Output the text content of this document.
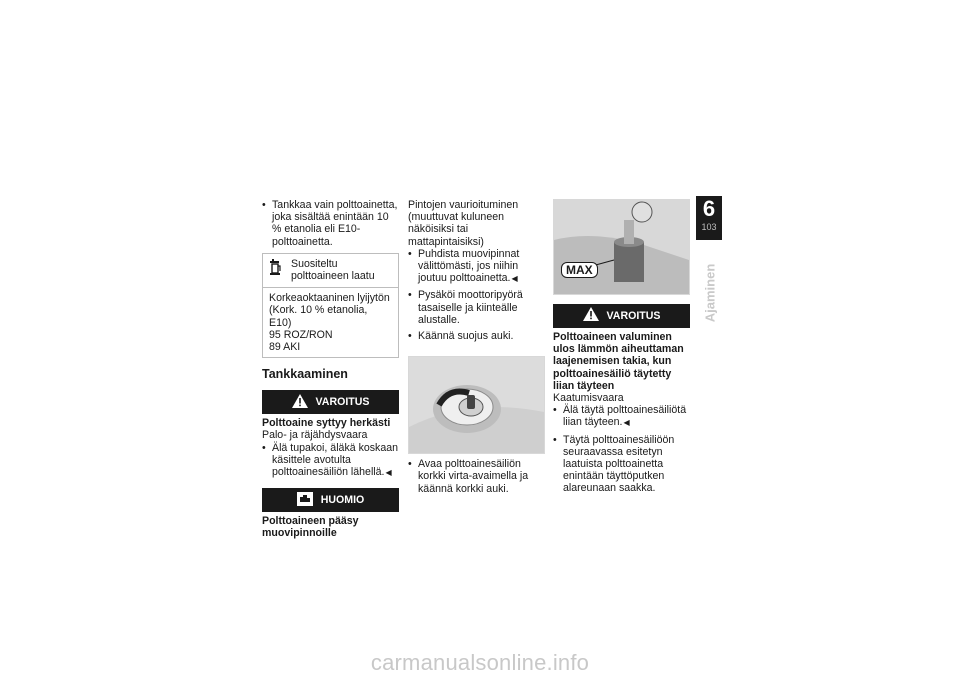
• Tankkaa vain polttoainetta, joka sisältää enintään 10 % etanolia eli E10-polttoainetta.
Suositeltu polttoaineen laatu
Korkeaoktaaninen lyijytön
(Kork. 10 % etanolia, E10)
95 ROZ/RON
89 AKI
Tankkaaminen
VAROITUS
Polttoaine syttyy herkästi
Palo- ja räjähdysvaara
• Älä tupakoi, äläkä koskaan käsittele avotulta polttoainesäiliön lähellä.◀
HUOMIO
Polttoaineen pääsy muovipinnoille
Pintojen vaurioituminen (muuttuvat kuluneen näköisiksi tai mattapintaisiksi)
• Puhdista muovipinnat välittömästi, jos niihin joutuu polttoainetta.◀
• Pysäköi moottoripyörä tasaiselle ja kiinteälle alustalle.
• Käännä suojus auki.
• Avaa polttoainesäiliön korkki virta-avaimella ja käännä korkki auki.
MAX
VAROITUS
Polttoaineen valuminen ulos lämmön aiheuttaman laajenemisen takia, kun polttoainesäiliö täytetty liian täyteen
Kaatumisvaara
• Älä täytä polttoainesäiliötä liian täyteen.◀
• Täytä polttoainesäiliöön seuraavassa esitetyn laatuista polttoainetta enintään täyttöputken alareunaan saakka.
6
103
Ajaminen
carmanualsonline.info
